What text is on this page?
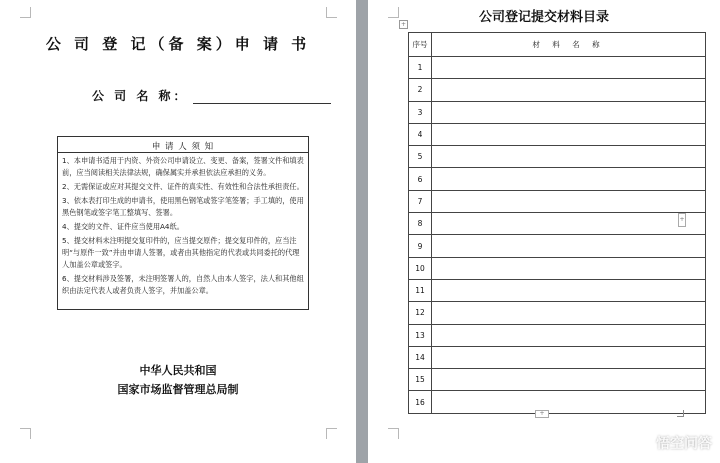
公 司 登 记（备 案）申 请 书
公 司 名 称：
申 请 人 须 知
1、本申请书适用于内资、外资公司申请设立、变更、备案，签署文件和填表前，应当阅读相关法律法规，确保属实并承担依法应承担的义务。
2、无需保证或应对其提交文件、证件的真实性、有效性和合法性承担责任。
3、依本表打印生成的申请书，使用黑色钢笔或签字笔签署；手工填的，使用黑色钢笔或签字笔工整填写、签署。
4、提交的文件、证件应当使用A4纸。
5、提交材料未注明提交复印件的，应当提交原件；提交复印件的，应当注明“与原件一致”并由申请人签署，或者由其他指定的代表或共同委托的代理人加盖公章或签字。
6、提交材料涉及签署，未注明签署人的，自然人由本人签字，法人和其他组织由法定代表人或者负责人签字，并加盖公章。
中华人民共和国
国家市场监督管理总局制
公司登记提交材料目录
+
序号	材 料 名 称
1	
2	
3	
4	
5	
6	
7	
8	
9	
10	
11	
12	
13	
14	
15	
16	
+
+
悟空问答
